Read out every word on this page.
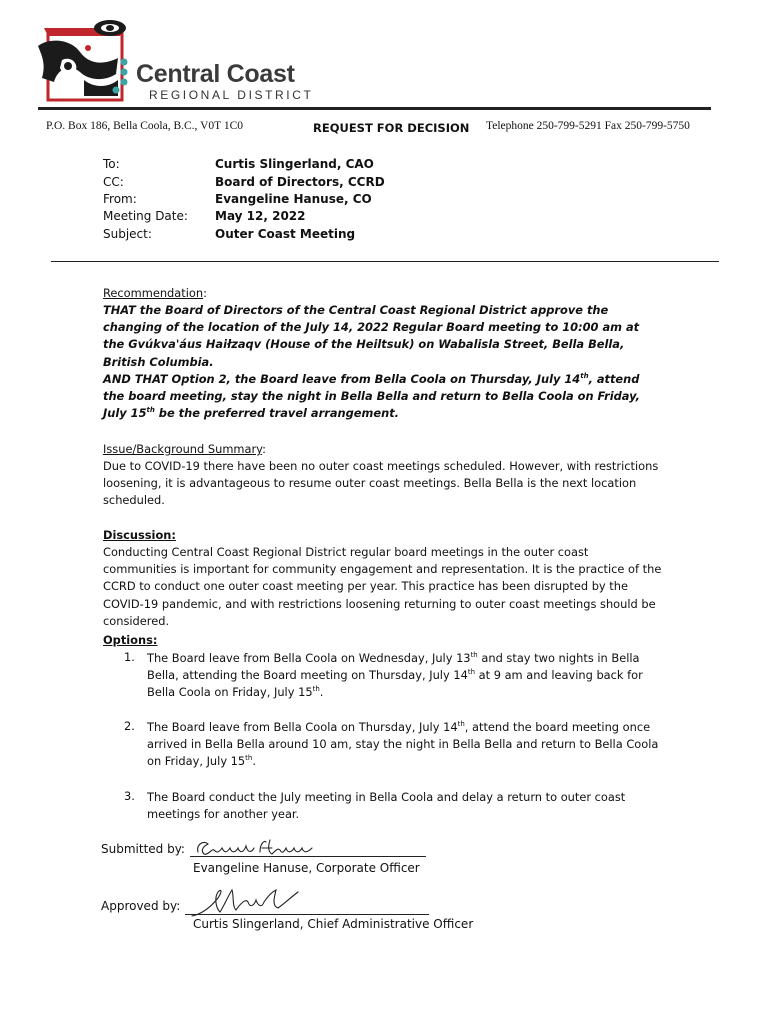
Central Coast
REGIONAL DISTRICT
P.O. Box 186, Bella Coola, B.C., V0T 1C0	REQUEST FOR DECISION Telephone 250-799-5291 Fax 250-799-5750
To:	Curtis Slingerland, CAO
CC:	Board of Directors, CCRD
From:	Evangeline Hanuse, CO
Meeting Date: May 12, 2022
Subject:	Outer Coast Meeting
Recommendation:
THAT the Board of Directors of the Central Coast Regional District approve the changing of the location of the July 14, 2022 Regular Board meeting to 10:00 am at the Gvúkva'áus Haiłzaqv (House of the Heiltsuk) on Wabalisla Street, Bella Bella, British Columbia.
AND THAT Option 2, the Board leave from Bella Coola on Thursday, July 14th, attend the board meeting, stay the night in Bella Bella and return to Bella Coola on Friday, July 15th be the preferred travel arrangement.
Issue/Background Summary:
Due to COVID-19 there have been no outer coast meetings scheduled. However, with restrictions loosening, it is advantageous to resume outer coast meetings. Bella Bella is the next location scheduled.
Discussion:
Conducting Central Coast Regional District regular board meetings in the outer coast communities is important for community engagement and representation. It is the practice of the CCRD to conduct one outer coast meeting per year. This practice has been disrupted by the COVID-19 pandemic, and with restrictions loosening returning to outer coast meetings should be considered.
Options:
1. The Board leave from Bella Coola on Wednesday, July 13th and stay two nights in Bella Bella, attending the Board meeting on Thursday, July 14th at 9 am and leaving back for Bella Coola on Friday, July 15th.
2. The Board leave from Bella Coola on Thursday, July 14th, attend the board meeting once arrived in Bella Bella around 10 am, stay the night in Bella Bella and return to Bella Coola on Friday, July 15th.
3. The Board conduct the July meeting in Bella Coola and delay a return to outer coast meetings for another year.
Submitted by:
Evangeline Hanuse, Corporate Officer
Approved by:
Curtis Slingerland, Chief Administrative Officer
